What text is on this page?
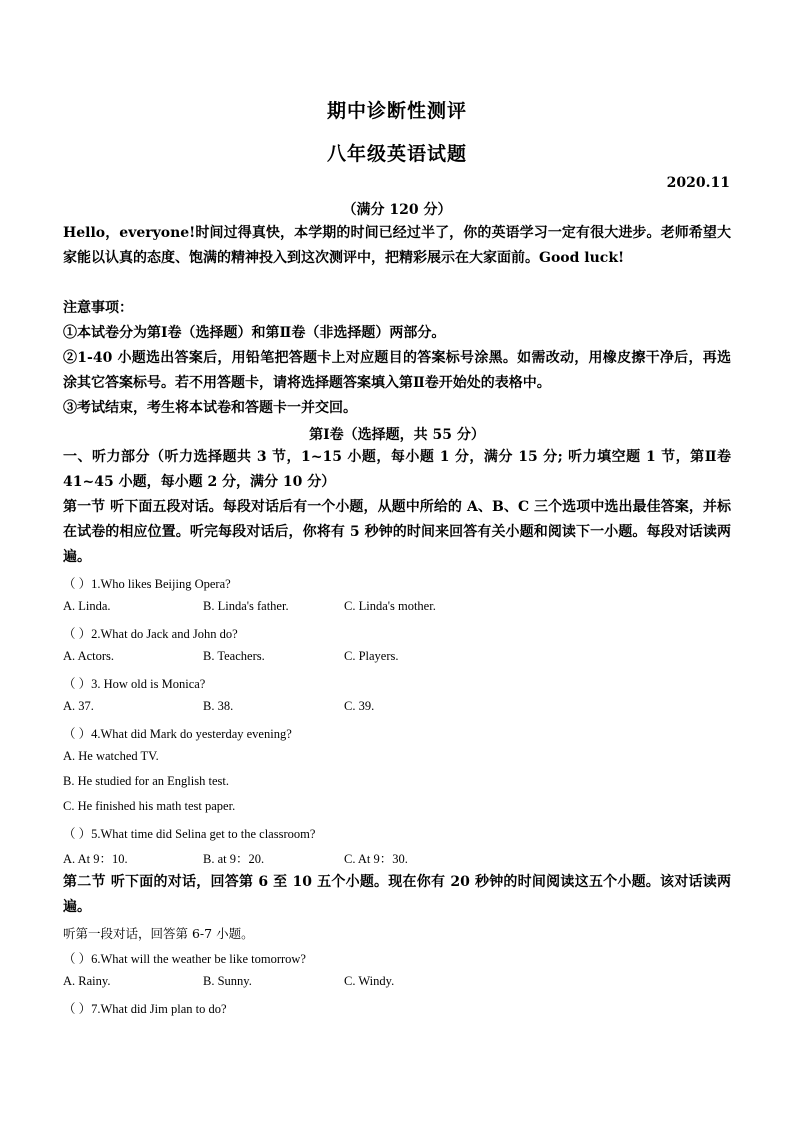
期中诊断性测评
八年级英语试题
2020.11
（满分 120 分）
Hello，everyone!时间过得真快，本学期的时间已经过半了，你的英语学习一定有很大进步。老师希望大家能以认真的态度、饱满的精神投入到这次测评中，把精彩展示在大家面前。Good luck!
注意事项：
①本试卷分为第Ⅰ卷（选择题）和第Ⅱ卷（非选择题）两部分。
②1-40 小题选出答案后，用铅笔把答题卡上对应题目的答案标号涂黑。如需改动，用橡皮擦干净后，再选涂其它答案标号。若不用答题卡，请将选择题答案填入第Ⅱ卷开始处的表格中。
③考试结束，考生将本试卷和答题卡一并交回。
第Ⅰ卷（选择题，共 55 分）
一、听力部分（听力选择题共 3 节，1~15 小题，每小题 1 分，满分 15 分; 听力填空题 1 节，第Ⅱ卷 41~45 小题，每小题 2 分，满分 10 分）
第一节 听下面五段对话。每段对话后有一个小题，从题中所给的 A、B、C 三个选项中选出最佳答案，并标在试卷的相应位置。听完每段对话后，你将有 5 秒钟的时间来回答有关小题和阅读下一小题。每段对话读两遍。
（ ）1.Who likes Beijing Opera?
A. Linda.	B. Linda's father.	C. Linda's mother.
（ ）2.What do Jack and John do?
A. Actors.	B. Teachers.	C. Players.
（ ）3. How old is Monica?
A. 37.	B. 38.	C. 39.
（ ）4.What did Mark do yesterday evening?
A. He watched TV.
B. He studied for an English test.
C. He finished his math test paper.
（ ）5.What time did Selina get to the classroom?
A. At 9：10.	B. at 9：20.	C. At 9：30.
第二节 听下面的对话，回答第 6 至 10 五个小题。现在你有 20 秒钟的时间阅读这五个小题。该对话读两遍。
听第一段对话，回答第 6-7 小题。
（ ）6.What will the weather be like tomorrow?
A. Rainy.	B. Sunny.	C. Windy.
（ ）7.What did Jim plan to do?
